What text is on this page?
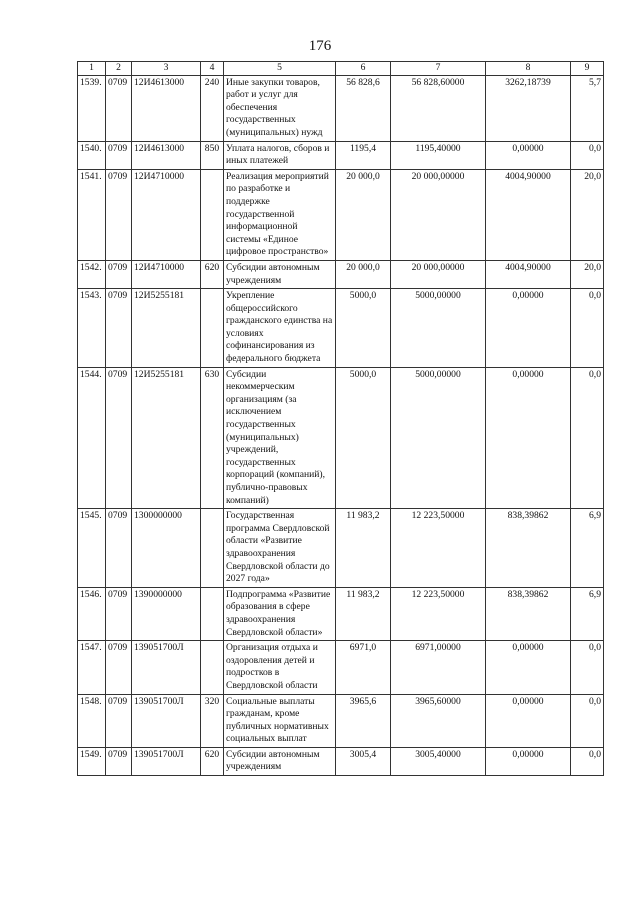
176
1	2	3	4	5	6	7	8	9
1539.	0709	12И4613000	240	Иные закупки товаров, работ и услуг для обеспечения государственных (муниципальных) нужд	56 828,6	56 828,60000	3262,18739	5,7
1540.	0709	12И4613000	850	Уплата налогов, сборов и иных платежей	1195,4	1195,40000	0,00000	0,0
1541.	0709	12И4710000		Реализация мероприятий по разработке и поддержке государственной информационной системы «Единое цифровое пространство»	20 000,0	20 000,00000	4004,90000	20,0
1542.	0709	12И4710000	620	Субсидии автономным учреждениям	20 000,0	20 000,00000	4004,90000	20,0
1543.	0709	12И5255181		Укрепление общероссийского гражданского единства на условиях софинансирования из федерального бюджета	5000,0	5000,00000	0,00000	0,0
1544.	0709	12И5255181	630	Субсидии некоммерческим организациям (за исключением государственных (муниципальных) учреждений, государственных корпораций (компаний), публично-правовых компаний)	5000,0	5000,00000	0,00000	0,0
1545.	0709	1300000000		Государственная программа Свердловской области «Развитие здравоохранения Свердловской области до 2027 года»	11 983,2	12 223,50000	838,39862	6,9
1546.	0709	1390000000		Подпрограмма «Развитие образования в сфере здравоохранения Свердловской области»	11 983,2	12 223,50000	838,39862	6,9
1547.	0709	139051700Л		Организация отдыха и оздоровления детей и подростков в Свердловской области	6971,0	6971,00000	0,00000	0,0
1548.	0709	139051700Л	320	Социальные выплаты гражданам, кроме публичных нормативных социальных выплат	3965,6	3965,60000	0,00000	0,0
1549.	0709	139051700Л	620	Субсидии автономным учреждениям	3005,4	3005,40000	0,00000	0,0
